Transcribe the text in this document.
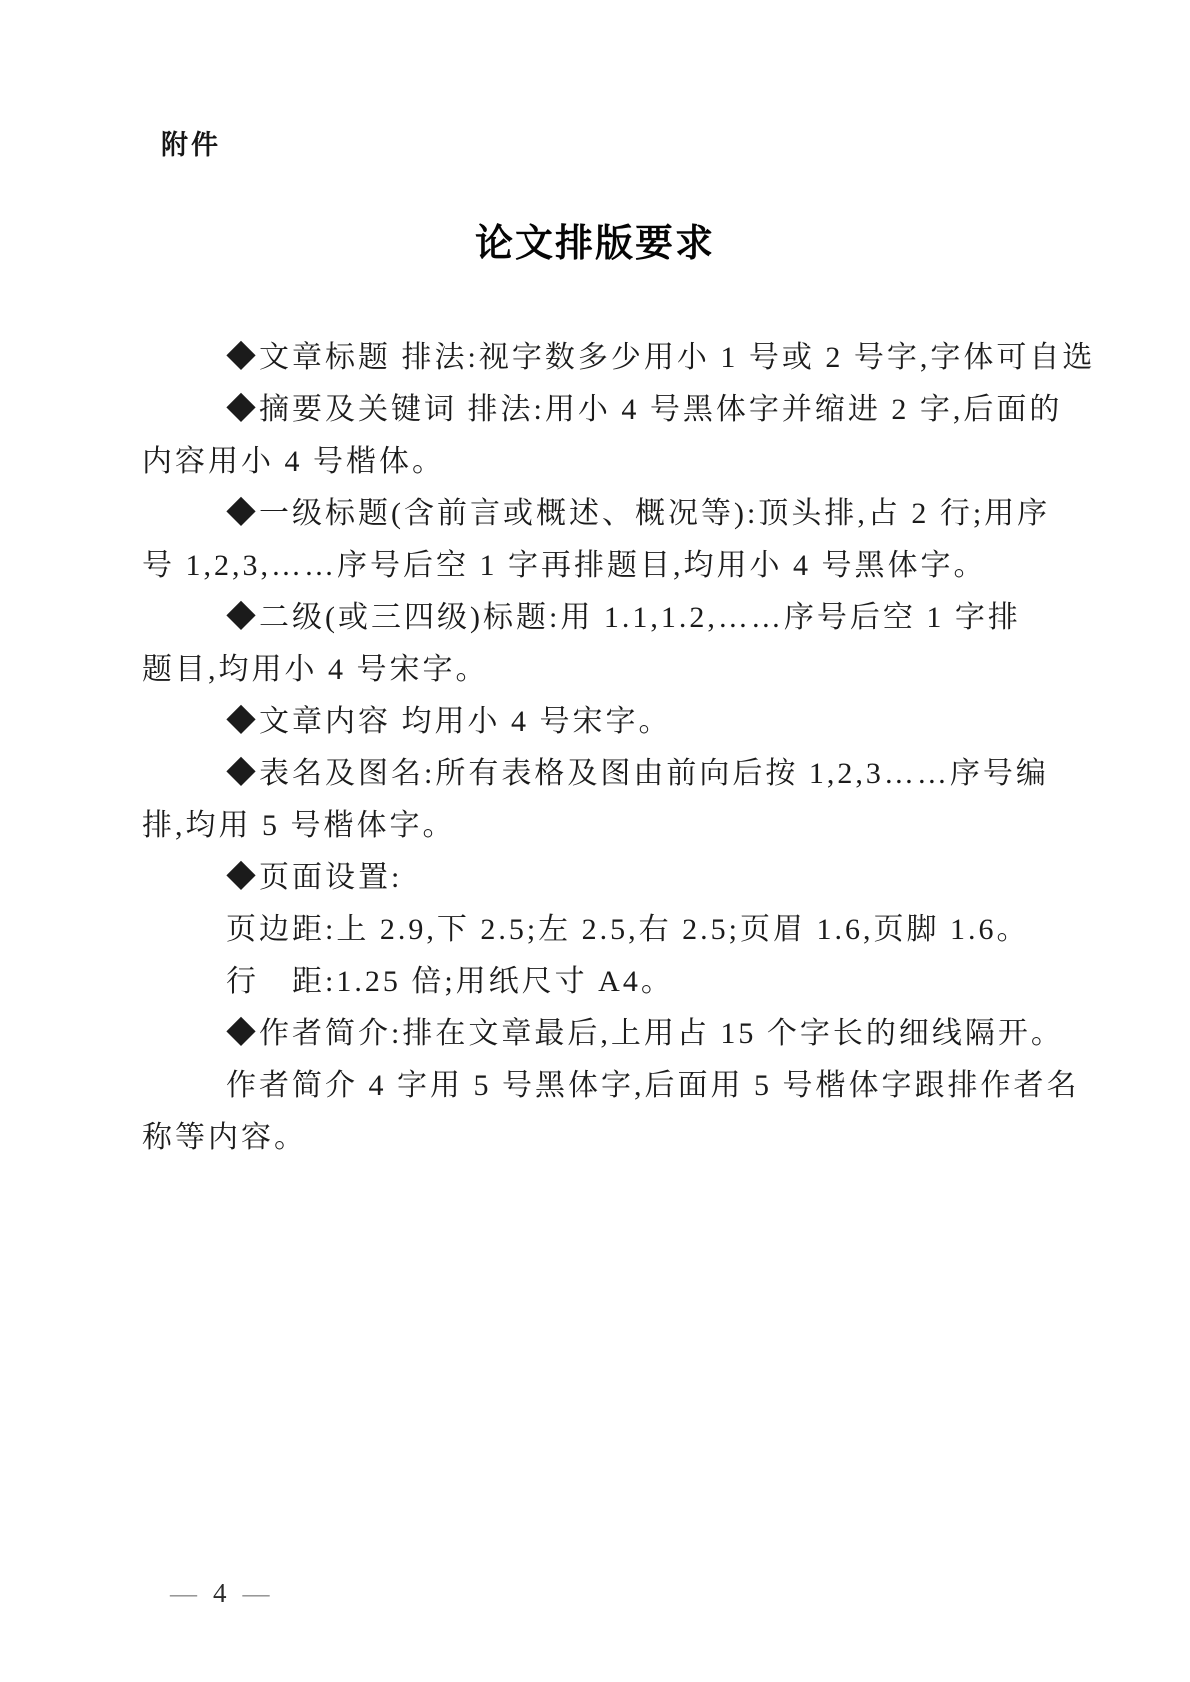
附件
论文排版要求
◆文章标题 排法:视字数多少用小 1 号或 2 号字,字体可自选
◆摘要及关键词 排法:用小 4 号黑体字并缩进 2 字,后面的
内容用小 4 号楷体。
◆一级标题(含前言或概述、概况等):顶头排,占 2 行;用序
号 1,2,3,……序号后空 1 字再排题目,均用小 4 号黑体字。
◆二级(或三四级)标题:用 1.1,1.2,……序号后空 1 字排
题目,均用小 4 号宋字。
◆文章内容 均用小 4 号宋字。
◆表名及图名:所有表格及图由前向后按 1,2,3……序号编
排,均用 5 号楷体字。
◆页面设置:
页边距:上 2.9,下 2.5;左 2.5,右 2.5;页眉 1.6,页脚 1.6。
行　距:1.25 倍;用纸尺寸 A4。
◆作者简介:排在文章最后,上用占 15 个字长的细线隔开。
作者简介 4 字用 5 号黑体字,后面用 5 号楷体字跟排作者名
称等内容。
— 4 —
